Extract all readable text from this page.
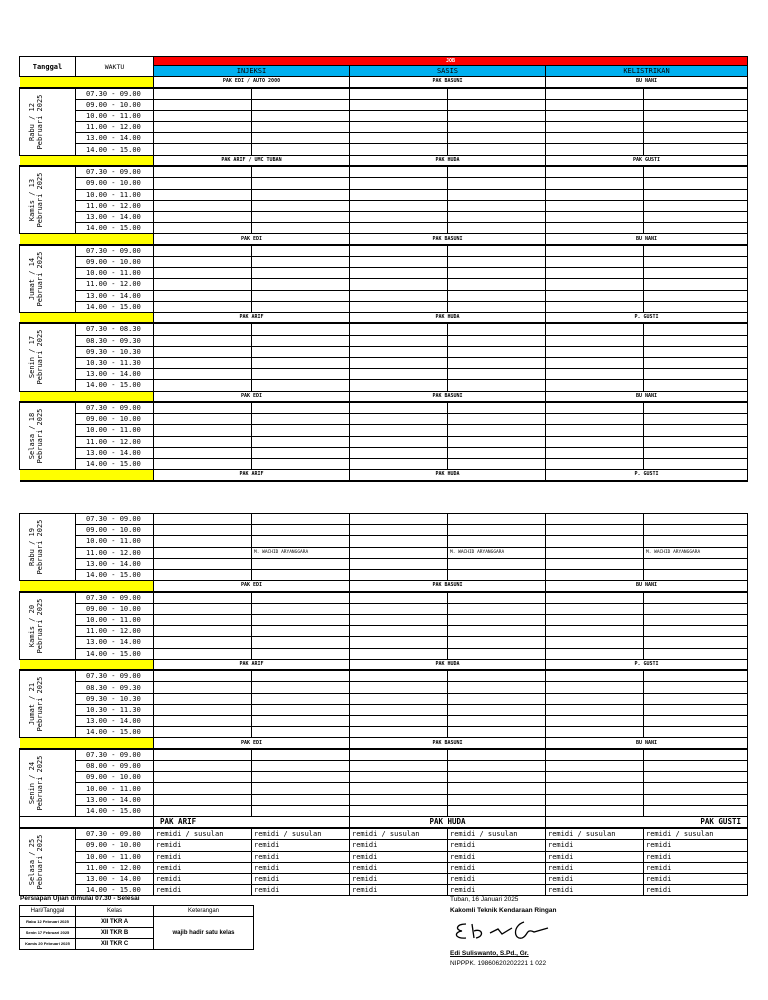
Tanggal	WAKTU	JOB					
		INJEKSI		SASIS		KELISTRIKAN	
		PAK EDI / AUTO 2000		PAK BASUNI		BU NANI	

Rabu / 12 Pebruari 2025	07.30 - 09.00						
	09.00 - 10.00						
	10.00 - 11.00						
	11.00 - 12.00						
	13.00 - 14.00						
	14.00 - 15.00						
		PAK ARIF / UMC TUBAN		PAK HUDA		PAK GUSTI	

Kamis / 13 Pebruari 2025	07.30 - 09.00						
	09.00 - 10.00						
	10.00 - 11.00						
	11.00 - 12.00						
	13.00 - 14.00						
	14.00 - 15.00						
		PAK EDI		PAK BASUNI		BU NANI	

Jumat / 14 Pebruari 2025	07.30 - 09.00						
	09.00 - 10.00						
	10.00 - 11.00						
	11.00 - 12.00						
	13.00 - 14.00						
	14.00 - 15.00						
		PAK ARIF		PAK HUDA		P. GUSTI	

Senin / 17 Pebruari 2025	07.30 - 08.30						
	08.30 - 09.30						
	09.30 - 10.30						
	10.30 - 11.30						
	13.00 - 14.00						
	14.00 - 15.00						
		PAK EDI		PAK BASUNI		BU NANI	

Selasa / 18 Pebruari 2025	07.30 - 09.00						
	09.00 - 10.00						
	10.00 - 11.00						
	11.00 - 12.00						
	13.00 - 14.00						
	14.00 - 15.00						
		PAK ARIF		PAK HUDA		P. GUSTI	
Rabu / 19 Pebruari 2025	07.30 - 09.00						
	09.00 - 10.00						
	10.00 - 11.00						
	11.00 - 12.00		M. WACHID ARYANGGARA		M. WACHID ARYANGGARA		M. WACHID ARYANGGARA
	13.00 - 14.00						
	14.00 - 15.00						
		PAK EDI		PAK BASUNI		BU NANI	

Kamis / 20 Pebruari 2025	07.30 - 09.00						
	09.00 - 10.00						
	10.00 - 11.00						
	11.00 - 12.00						
	13.00 - 14.00						
	14.00 - 15.00						
		PAK ARIF		PAK HUDA		P. GUSTI	

Jumat / 21 Pebruari 2025	07.30 - 09.00						
	08.30 - 09.30						
	09.30 - 10.30						
	10.30 - 11.30						
	13.00 - 14.00						
	14.00 - 15.00						
		PAK EDI		PAK BASUNI		BU NANI	

Senin / 24 Pebruari 2025	07.30 - 09.00						
	08.00 - 09.00						
	09.00 - 10.00						
	10.00 - 11.00						
	13.00 - 14.00						
	14.00 - 15.00						
		PAK ARIF		PAK HUDA		PAK GUSTI	

Selasa / 25 Pebruari 2025	07.30 - 09.00	remidi / susulan	remidi / susulan	remidi / susulan	remidi / susulan	remidi / susulan	remidi / susulan
	09.00 - 10.00	remidi	remidi	remidi	remidi	remidi	remidi
	10.00 - 11.00	remidi	remidi	remidi	remidi	remidi	remidi
	11.00 - 12.00	remidi	remidi	remidi	remidi	remidi	remidi
	13.00 - 14.00	remidi	remidi	remidi	remidi	remidi	remidi
	14.00 - 15.00	remidi	remidi	remidi	remidi	remidi	remidi
Persiapan Ujian dimulai 07.30 - Selesai
Hari/Tanggal	Kelas	Keterangan
Rabu 12 Februari 2025	XII TKR A	wajib hadir satu kelas
Senin 17 Februari 2025	XII TKR B	
Kamis 20 Februari 2025	XII TKR C	
Tuban, 16 Januari 2025
Kakomli Teknik Kendaraan Ringan
Edi Suliswanto, S.Pd., Gr.
NIPPPK. 19860620202221 1 022
